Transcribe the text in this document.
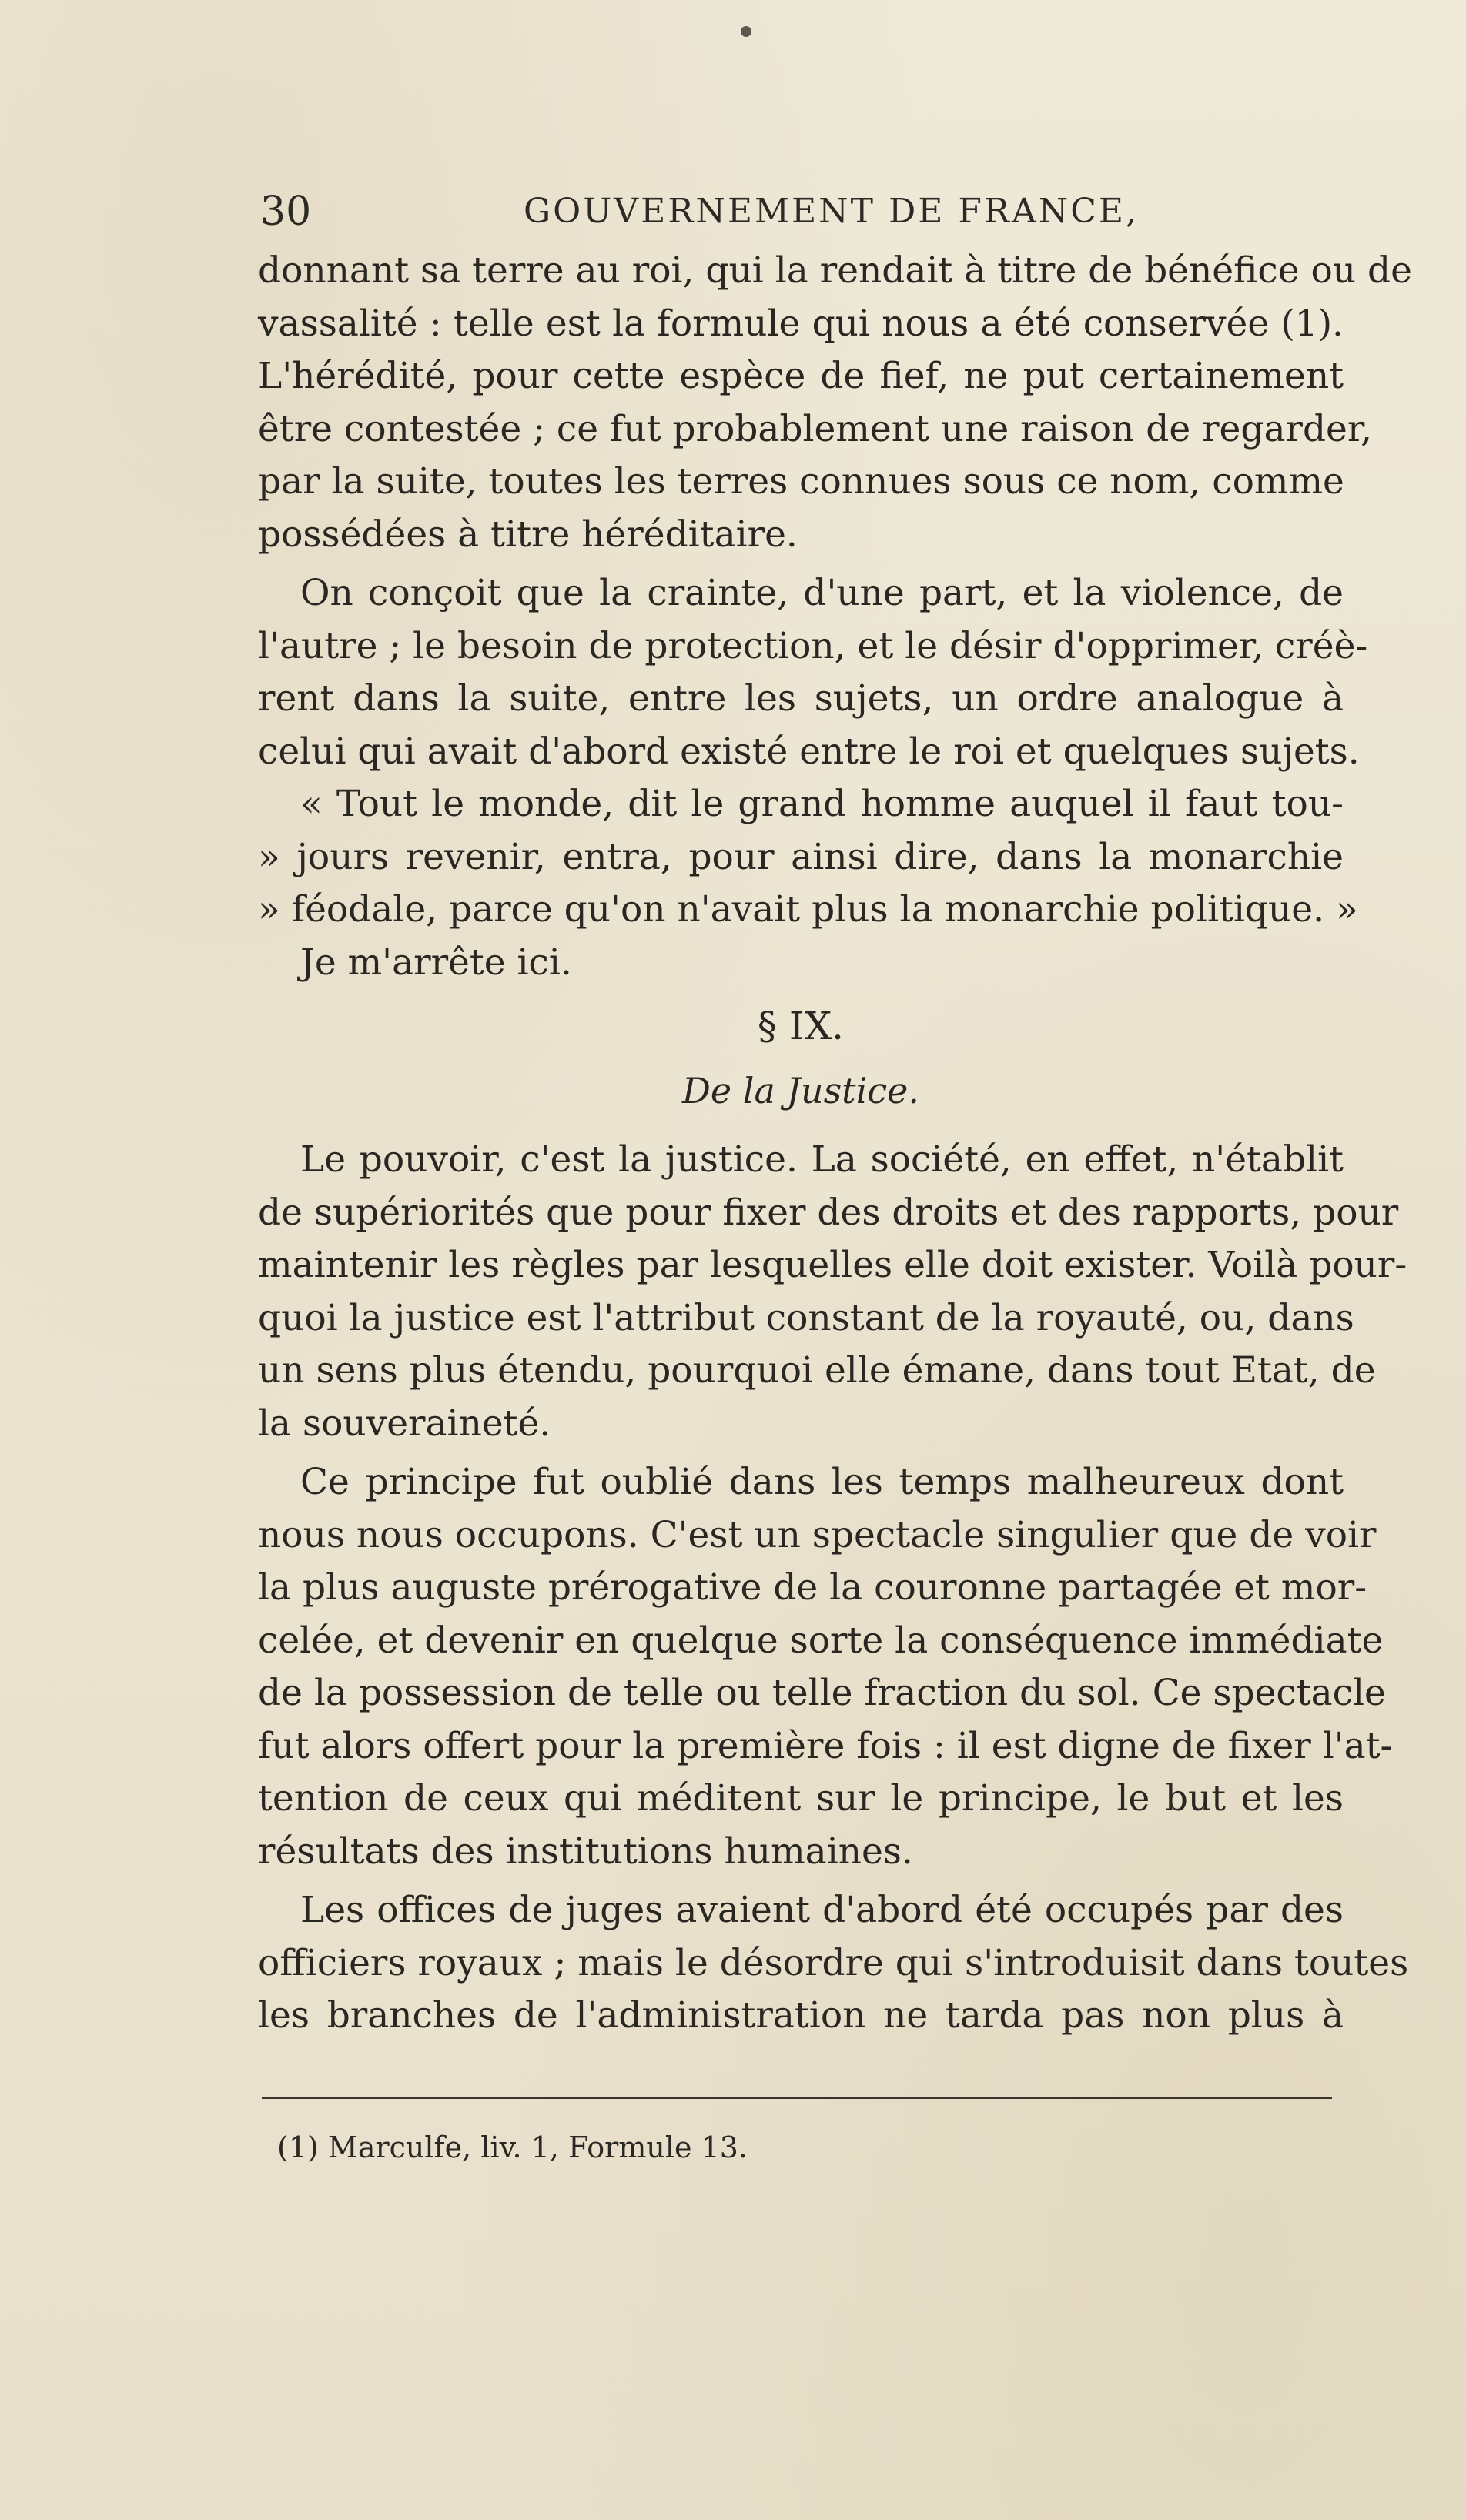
30	GOUVERNEMENT DE FRANCE,
donnant sa terre au roi, qui la rendait à titre de bénéfice ou de
vassalité : telle est la formule qui nous a été conservée (1).
L'hérédité, pour cette espèce de fief, ne put certainement
être contestée ; ce fut probablement une raison de regarder,
par la suite, toutes les terres connues sous ce nom, comme
possédées à titre héréditaire.
On conçoit que la crainte, d'une part, et la violence, de
l'autre ; le besoin de protection, et le désir d'opprimer, créè-
rent dans la suite, entre les sujets, un ordre analogue à
celui qui avait d'abord existé entre le roi et quelques sujets.
« Tout le monde, dit le grand homme auquel il faut tou-
» jours revenir, entra, pour ainsi dire, dans la monarchie
» féodale, parce qu'on n'avait plus la monarchie politique. »
Je m'arrête ici.
§ IX.
De la Justice.
Le pouvoir, c'est la justice. La société, en effet, n'établit
de supériorités que pour fixer des droits et des rapports, pour
maintenir les règles par lesquelles elle doit exister. Voilà pour-
quoi la justice est l'attribut constant de la royauté, ou, dans
un sens plus étendu, pourquoi elle émane, dans tout Etat, de
la souveraineté.
Ce principe fut oublié dans les temps malheureux dont
nous nous occupons. C'est un spectacle singulier que de voir
la plus auguste prérogative de la couronne partagée et mor-
celée, et devenir en quelque sorte la conséquence immédiate
de la possession de telle ou telle fraction du sol. Ce spectacle
fut alors offert pour la première fois : il est digne de fixer l'at-
tention de ceux qui méditent sur le principe, le but et les
résultats des institutions humaines.
Les offices de juges avaient d'abord été occupés par des
officiers royaux ; mais le désordre qui s'introduisit dans toutes
les branches de l'administration ne tarda pas non plus à
(1) Marculfe, liv. 1, Formule 13.
